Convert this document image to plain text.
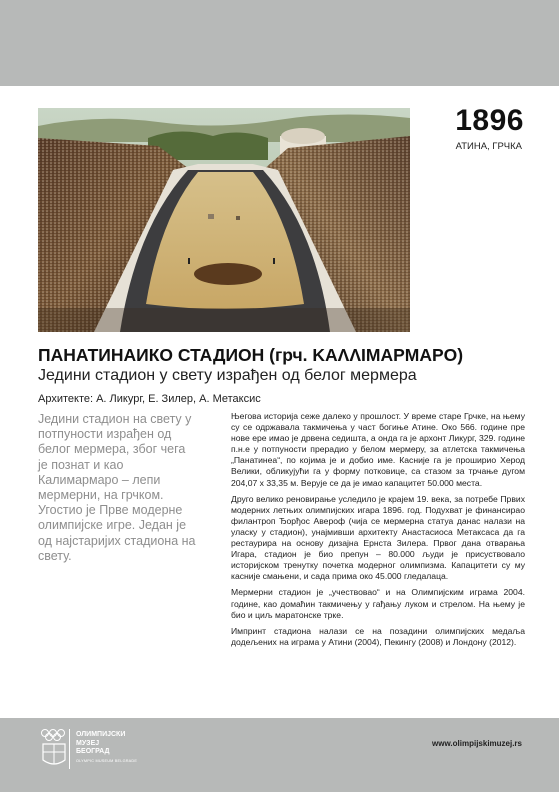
1896
АТИНА, ГРЧКА
ПАНАТИНАИКО СТАДИОН (грч. ΚΑΛΛΙΜΑΡΜΑΡΟ)
Једини стадион у свету израђен од белог мермера
Архитекте: А. Ликург, Е. Зилер, А. Метаксис
Једини стадион на свету у потпуности израђен од белог мермера, због чега је познат и као Калимармаро – лепи мермерни, на грчком. Угостио је Прве модерне олимпијске игре. Један је од најстаријих стадиона на свету.

Његова историја сеже далеко у прошлост. У време старе Грчке, на њему су се одржавала такмичења у част богиње Атине. Око 566. године пре нове ере имао је дрвена седишта, а онда га је архонт Ликург, 329. године п.н.е у потпуности прерадио у белом мермеру, за атлетска такмичења „Панатинеа“, по којима је и добио име. Касније га је проширио Херод Велики, обликујући га у форму потковице, са стазом за трчање дугом 204,07 х 33,35 м. Верује се да је имао капацитет 50.000 места.

Друго велико реновирање уследило је крајем 19. века, за потребе Првих модерних летњих олимпијских игара 1896. год. Подухват је финансирао филантроп Ђорђос Авероф (чија се мермерна статуа данас налази на уласку у стадион), унајмивши архитекту Анастасиоса Метаксаса да га рестаурира на основу дизајна Ернста Зилера. Првог дана отварања Игара, стадион је био препун – 80.000 људи је присуствовало историјском тренутку почетка модерног олимпизма. Капацитети су му касније смањени, и сада прима око 45.000 гледалаца.

Мермерни стадион је „учествовао“ и на Олимпијским играма 2004. године, као домаћин такмичењу у гађању луком и стрелом. На њему је био и циљ маратонске трке.

Импринт стадиона налази се на позадини олимпијских медаља додељених на играма у Атини (2004), Пекингу (2008) и Лондону (2012).

ОЛИМПИЈСКИ
МУЗЕЈ
БЕОГРАД
OLYMPIC MUSEUM BELGRADE
www.olimpijskimuzej.rs
